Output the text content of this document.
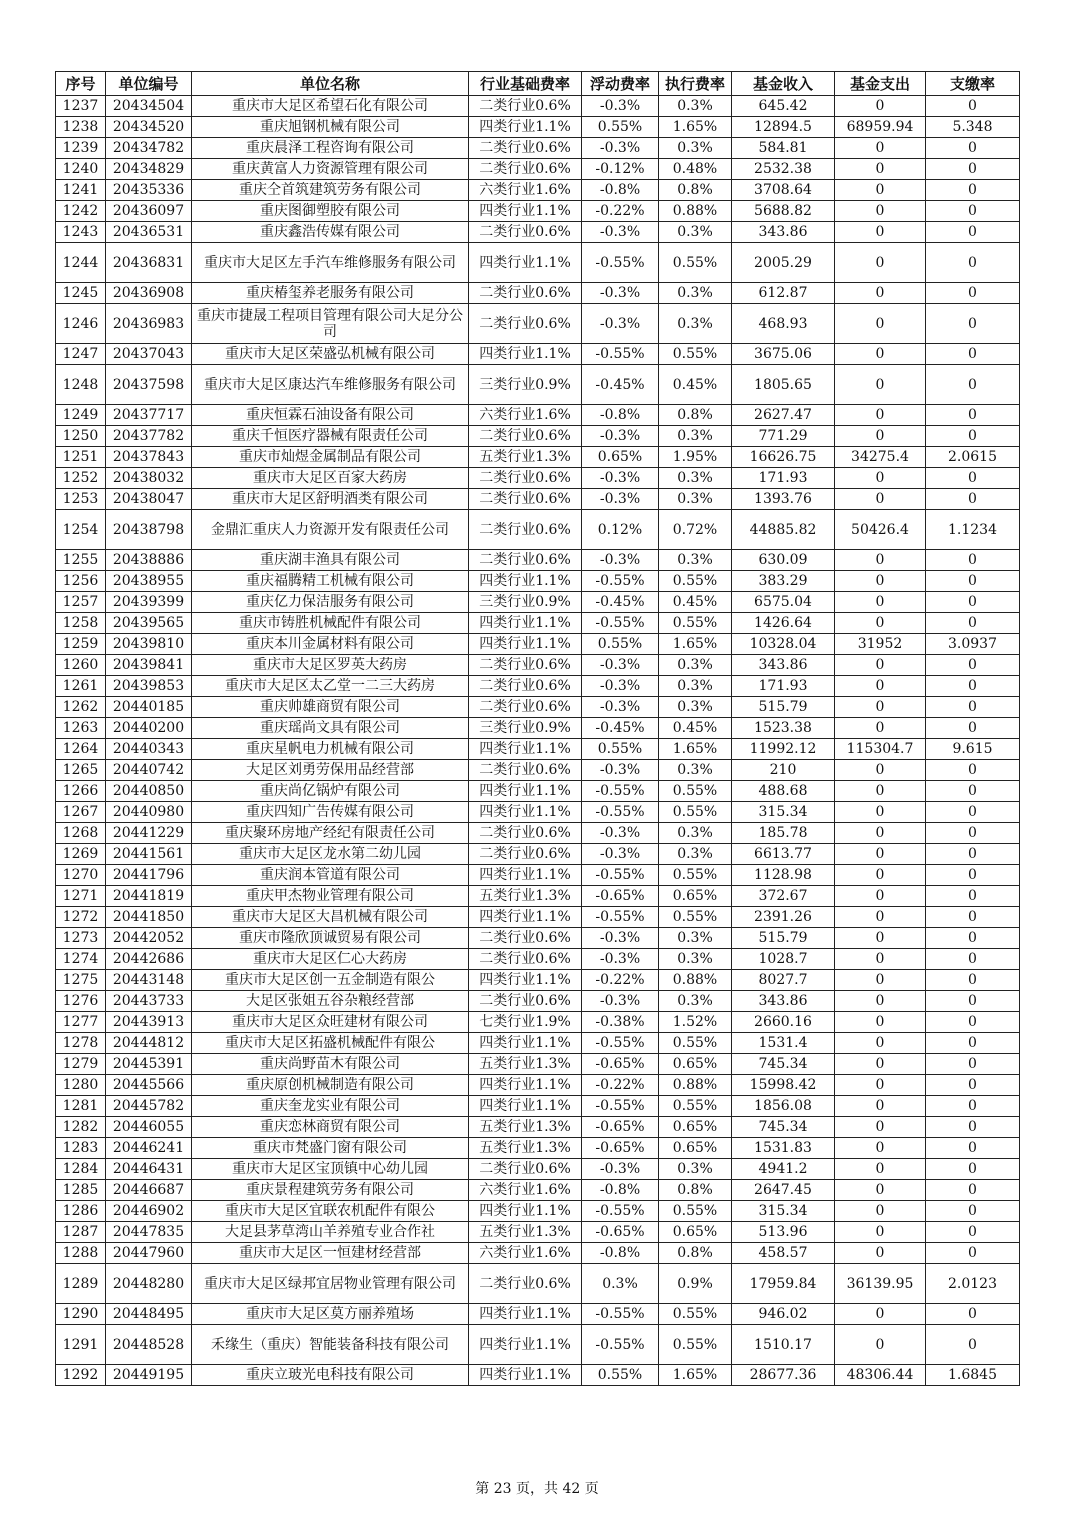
序号	单位编号	单位名称	行业基础费率	浮动费率	执行费率	基金收入	基金支出	支缴率
1237	20434504	重庆市大足区希望石化有限公司	二类行业0.6%	-0.3%	0.3%	645.42	0	0
1238	20434520	重庆旭钢机械有限公司	四类行业1.1%	0.55%	1.65%	12894.5	68959.94	5.348
1239	20434782	重庆晨泽工程咨询有限公司	二类行业0.6%	-0.3%	0.3%	584.81	0	0
1240	20434829	重庆黄富人力资源管理有限公司	二类行业0.6%	-0.12%	0.48%	2532.38	0	0
1241	20435336	重庆仝首筑建筑劳务有限公司	六类行业1.6%	-0.8%	0.8%	3708.64	0	0
1242	20436097	重庆图御塑胶有限公司	四类行业1.1%	-0.22%	0.88%	5688.82	0	0
1243	20436531	重庆鑫浩传媒有限公司	二类行业0.6%	-0.3%	0.3%	343.86	0	0
1244	20436831	重庆市大足区左手汽车维修服务有限公司	四类行业1.1%	-0.55%	0.55%	2005.29	0	0
1245	20436908	重庆椿玺养老服务有限公司	二类行业0.6%	-0.3%	0.3%	612.87	0	0
1246	20436983	重庆市捷晟工程项目管理有限公司大足分公司	二类行业0.6%	-0.3%	0.3%	468.93	0	0
1247	20437043	重庆市大足区荣盛弘机械有限公司	四类行业1.1%	-0.55%	0.55%	3675.06	0	0
1248	20437598	重庆市大足区康达汽车维修服务有限公司	三类行业0.9%	-0.45%	0.45%	1805.65	0	0
1249	20437717	重庆恒霖石油设备有限公司	六类行业1.6%	-0.8%	0.8%	2627.47	0	0
1250	20437782	重庆千恒医疗器械有限责任公司	二类行业0.6%	-0.3%	0.3%	771.29	0	0
1251	20437843	重庆市灿煜金属制品有限公司	五类行业1.3%	0.65%	1.95%	16626.75	34275.4	2.0615
1252	20438032	重庆市大足区百家大药房	二类行业0.6%	-0.3%	0.3%	171.93	0	0
1253	20438047	重庆市大足区舒明酒类有限公司	二类行业0.6%	-0.3%	0.3%	1393.76	0	0
1254	20438798	金鼎汇重庆人力资源开发有限责任公司	二类行业0.6%	0.12%	0.72%	44885.82	50426.4	1.1234
1255	20438886	重庆湖丰渔具有限公司	二类行业0.6%	-0.3%	0.3%	630.09	0	0
1256	20438955	重庆福腾精工机械有限公司	四类行业1.1%	-0.55%	0.55%	383.29	0	0
1257	20439399	重庆亿力保洁服务有限公司	三类行业0.9%	-0.45%	0.45%	6575.04	0	0
1258	20439565	重庆市铸胜机械配件有限公司	四类行业1.1%	-0.55%	0.55%	1426.64	0	0
1259	20439810	重庆本川金属材料有限公司	四类行业1.1%	0.55%	1.65%	10328.04	31952	3.0937
1260	20439841	重庆市大足区罗英大药房	二类行业0.6%	-0.3%	0.3%	343.86	0	0
1261	20439853	重庆市大足区太乙堂一二三大药房	二类行业0.6%	-0.3%	0.3%	171.93	0	0
1262	20440185	重庆帅雄商贸有限公司	二类行业0.6%	-0.3%	0.3%	515.79	0	0
1263	20440200	重庆瑶尚文具有限公司	三类行业0.9%	-0.45%	0.45%	1523.38	0	0
1264	20440343	重庆星帆电力机械有限公司	四类行业1.1%	0.55%	1.65%	11992.12	115304.7	9.615
1265	20440742	大足区刘勇劳保用品经营部	二类行业0.6%	-0.3%	0.3%	210	0	0
1266	20440850	重庆尚亿锅炉有限公司	四类行业1.1%	-0.55%	0.55%	488.68	0	0
1267	20440980	重庆四知广告传媒有限公司	四类行业1.1%	-0.55%	0.55%	315.34	0	0
1268	20441229	重庆聚环房地产经纪有限责任公司	二类行业0.6%	-0.3%	0.3%	185.78	0	0
1269	20441561	重庆市大足区龙水第二幼儿园	二类行业0.6%	-0.3%	0.3%	6613.77	0	0
1270	20441796	重庆润本管道有限公司	四类行业1.1%	-0.55%	0.55%	1128.98	0	0
1271	20441819	重庆甲杰物业管理有限公司	五类行业1.3%	-0.65%	0.65%	372.67	0	0
1272	20441850	重庆市大足区大昌机械有限公司	四类行业1.1%	-0.55%	0.55%	2391.26	0	0
1273	20442052	重庆市隆欣顶诚贸易有限公司	二类行业0.6%	-0.3%	0.3%	515.79	0	0
1274	20442686	重庆市大足区仁心大药房	二类行业0.6%	-0.3%	0.3%	1028.7	0	0
1275	20443148	重庆市大足区创一五金制造有限公	四类行业1.1%	-0.22%	0.88%	8027.7	0	0
1276	20443733	大足区张姐五谷杂粮经营部	二类行业0.6%	-0.3%	0.3%	343.86	0	0
1277	20443913	重庆市大足区众旺建材有限公司	七类行业1.9%	-0.38%	1.52%	2660.16	0	0
1278	20444812	重庆市大足区拓盛机械配件有限公	四类行业1.1%	-0.55%	0.55%	1531.4	0	0
1279	20445391	重庆尚野苗木有限公司	五类行业1.3%	-0.65%	0.65%	745.34	0	0
1280	20445566	重庆原创机械制造有限公司	四类行业1.1%	-0.22%	0.88%	15998.42	0	0
1281	20445782	重庆奎龙实业有限公司	四类行业1.1%	-0.55%	0.55%	1856.08	0	0
1282	20446055	重庆恋林商贸有限公司	五类行业1.3%	-0.65%	0.65%	745.34	0	0
1283	20446241	重庆市梵盛门窗有限公司	五类行业1.3%	-0.65%	0.65%	1531.83	0	0
1284	20446431	重庆市大足区宝顶镇中心幼儿园	二类行业0.6%	-0.3%	0.3%	4941.2	0	0
1285	20446687	重庆景程建筑劳务有限公司	六类行业1.6%	-0.8%	0.8%	2647.45	0	0
1286	20446902	重庆市大足区宜联农机配件有限公	四类行业1.1%	-0.55%	0.55%	315.34	0	0
1287	20447835	大足县茅草湾山羊养殖专业合作社	五类行业1.3%	-0.65%	0.65%	513.96	0	0
1288	20447960	重庆市大足区一恒建材经营部	六类行业1.6%	-0.8%	0.8%	458.57	0	0
1289	20448280	重庆市大足区绿邦宜居物业管理有限公司	二类行业0.6%	0.3%	0.9%	17959.84	36139.95	2.0123
1290	20448495	重庆市大足区莫方丽养殖场	四类行业1.1%	-0.55%	0.55%	946.02	0	0
1291	20448528	禾缘生（重庆）智能装备科技有限公司	四类行业1.1%	-0.55%	0.55%	1510.17	0	0
1292	20449195	重庆立玻光电科技有限公司	四类行业1.1%	0.55%	1.65%	28677.36	48306.44	1.6845
第 23 页，共 42 页
